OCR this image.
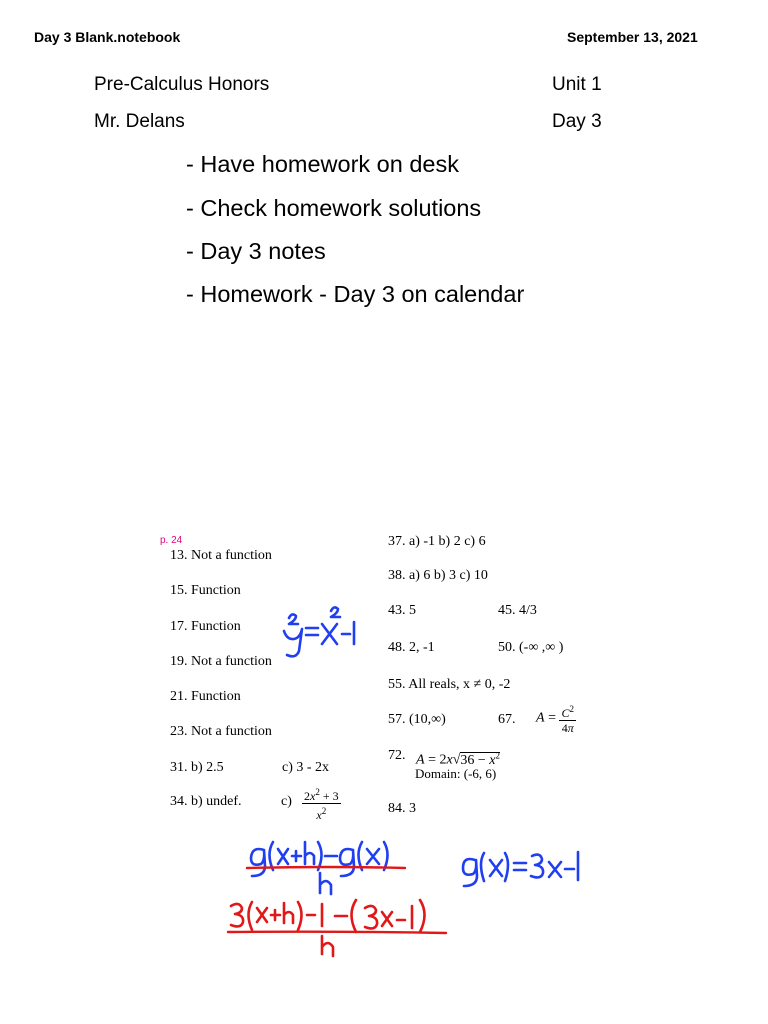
Day 3 Blank.notebook	September 13, 2021
Pre-Calculus Honors	Unit 1
Mr. Delans	Day 3
- Have homework on desk
- Check homework solutions
- Day 3 notes
- Homework - Day 3 on calendar
p. 24
13. Not a function
15. Function
17. Function
19. Not a function
21. Function
23. Not a function
31. b) 2.5	c) 3 - 2x
34. b) undef.	$c) \frac{2x^2 + 3}{x^2}$
37. a) -1 b) 2 c) 6
38. a) 6 b) 3 c) 10
43. 5	45. 4/3
48. 2, -1	50. (-∞ ,∞ )
55. All reals, x ≠ 0, -2
57. (10,∞)	67. $A = \frac{C^2}{4\pi}$
72. $A = 2x√36 - x^2$
Domain: (-6, 6)
84. 3
